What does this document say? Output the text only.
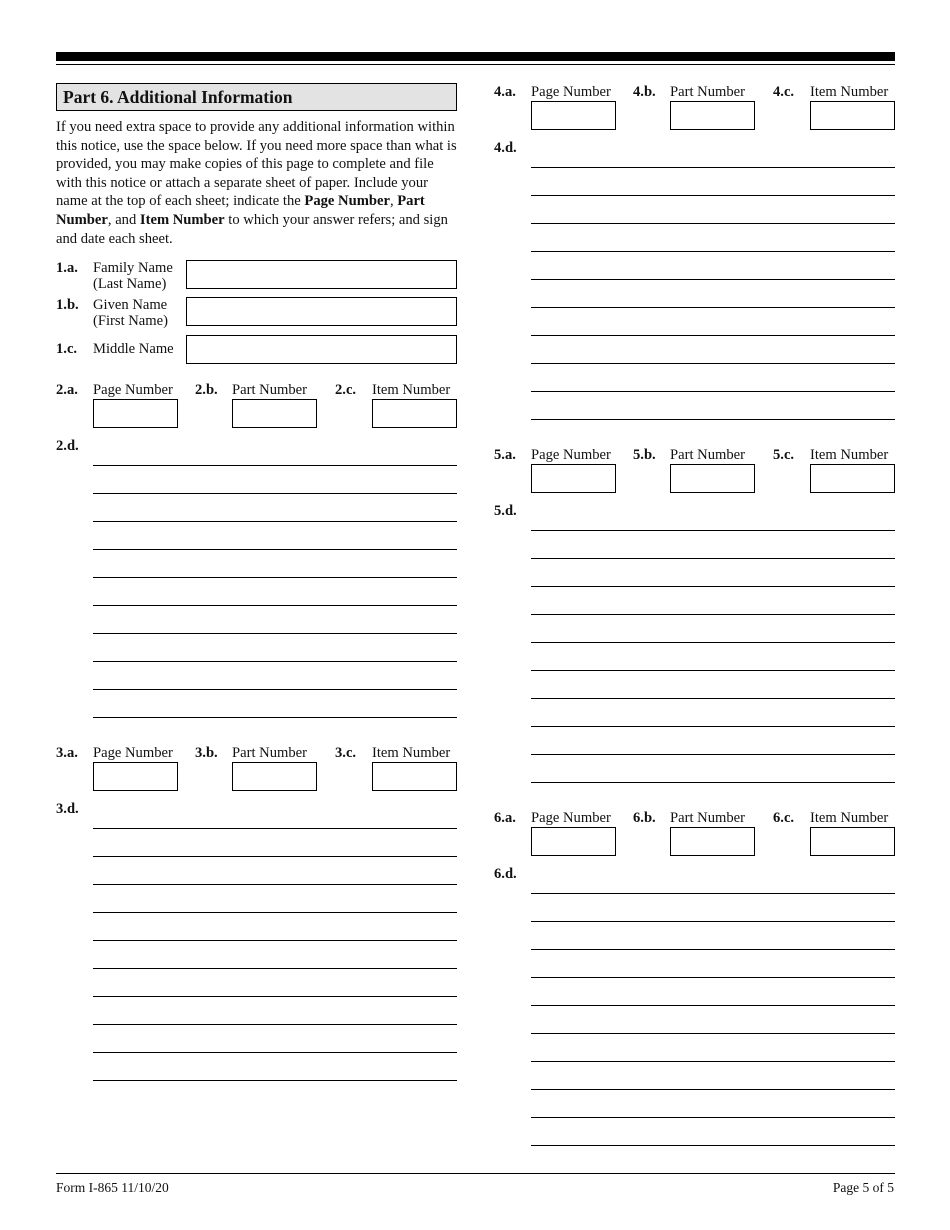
Part 6. Additional Information
If you need extra space to provide any additional information within this notice, use the space below. If you need more space than what is provided, you may make copies of this page to complete and file with this notice or attach a separate sheet of paper. Include your name at the top of each sheet; indicate the Page Number, Part Number, and Item Number to which your answer refers; and sign and date each sheet.
1.a. Family Name
(Last Name)
1.b. Given Name
(First Name)
1.c. Middle Name
2.a. Page Number 2.b. Part Number 2.c. Item Number
2.d.
3.a. Page Number 3.b. Part Number 3.c. Item Number
3.d.
4.a. Page Number 4.b. Part Number 4.c. Item Number
4.d.
5.a. Page Number 5.b. Part Number 5.c. Item Number
5.d.
6.a. Page Number 6.b. Part Number 6.c. Item Number
6.d.
Form I-865 11/10/20	Page 5 of 5
